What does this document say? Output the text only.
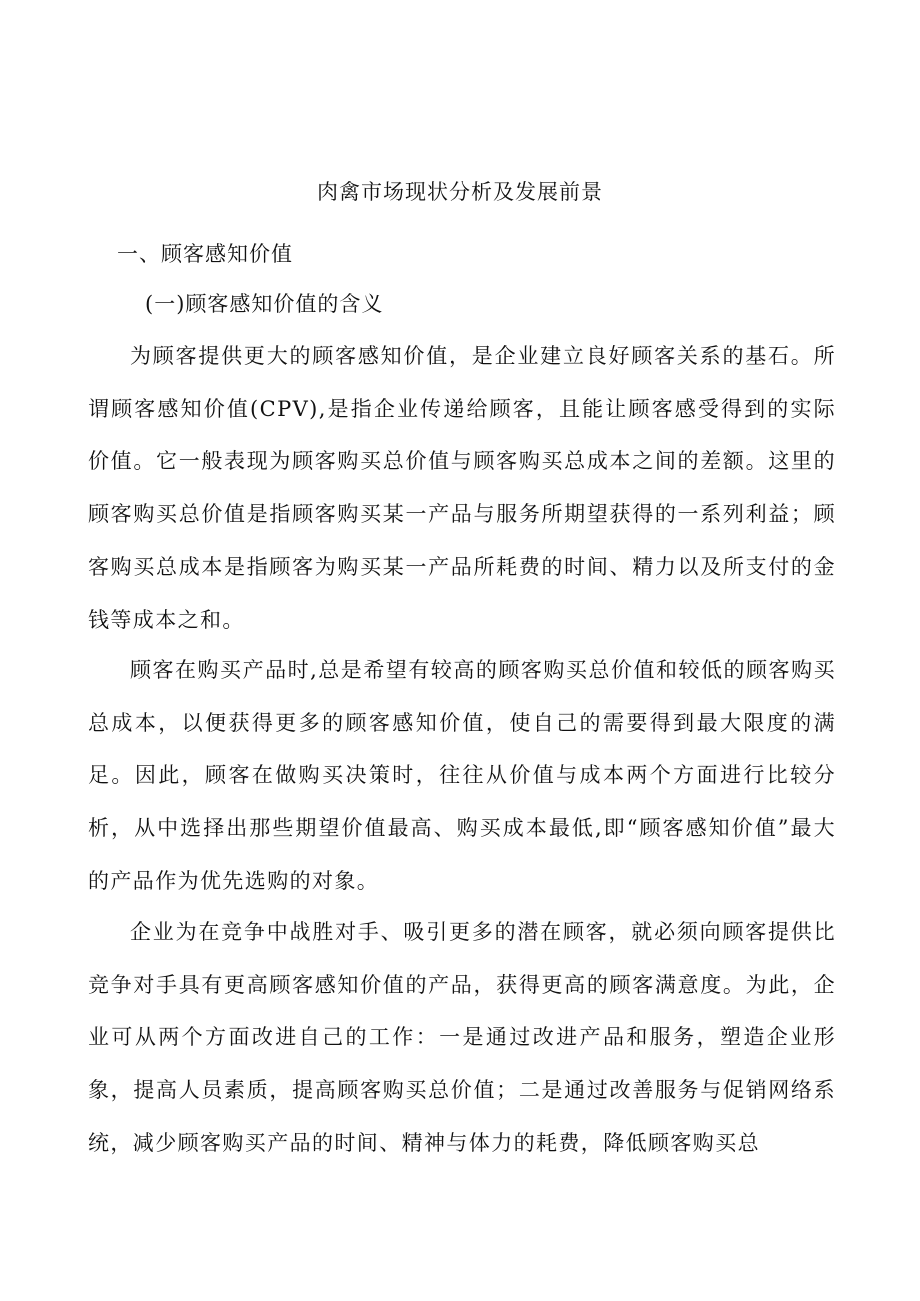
肉禽市场现状分析及发展前景
一、顾客感知价值
(一)顾客感知价值的含义

为顾客提供更大的顾客感知价值，是企业建立良好顾客关系的基石。所谓顾客感知价值(CPV),是指企业传递给顾客，且能让顾客感受得到的实际价值。它一般表现为顾客购买总价值与顾客购买总成本之间的差额。这里的顾客购买总价值是指顾客购买某一产品与服务所期望获得的一系列利益；顾客购买总成本是指顾客为购买某一产品所耗费的时间、精力以及所支付的金钱等成本之和。

顾客在购买产品时,总是希望有较高的顾客购买总价值和较低的顾客购买总成本，以便获得更多的顾客感知价值，使自己的需要得到最大限度的满足。因此，顾客在做购买决策时，往往从价值与成本两个方面进行比较分析，从中选择出那些期望价值最高、购买成本最低,即“顾客感知价值”最大的产品作为优先选购的对象。

企业为在竞争中战胜对手、吸引更多的潜在顾客，就必须向顾客提供比竞争对手具有更高顾客感知价值的产品，获得更高的顾客满意度。为此，企业可从两个方面改进自己的工作：一是通过改进产品和服务，塑造企业形象，提高人员素质，提高顾客购买总价值；二是通过改善服务与促销网络系统，减少顾客购买产品的时间、精神与体力的耗费，降低顾客购买总
